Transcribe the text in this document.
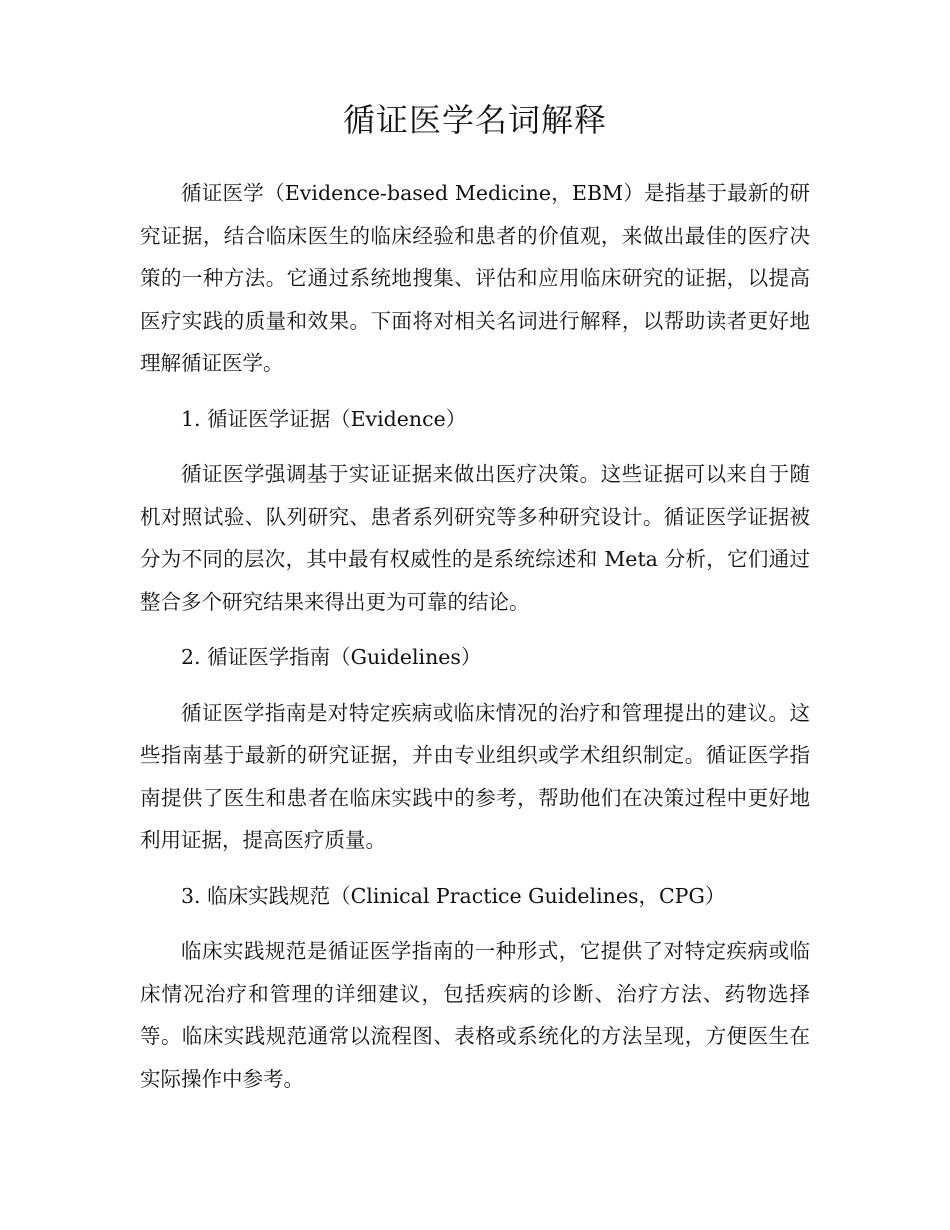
循证医学名词解释

循证医学（Evidence-based Medicine，EBM）是指基于最新的研究证据，结合临床医生的临床经验和患者的价值观，来做出最佳的医疗决策的一种方法。它通过系统地搜集、评估和应用临床研究的证据，以提高医疗实践的质量和效果。下面将对相关名词进行解释，以帮助读者更好地理解循证医学。

1. 循证医学证据（Evidence）

循证医学强调基于实证证据来做出医疗决策。这些证据可以来自于随机对照试验、队列研究、患者系列研究等多种研究设计。循证医学证据被分为不同的层次，其中最有权威性的是系统综述和 Meta 分析，它们通过整合多个研究结果来得出更为可靠的结论。

2. 循证医学指南（Guidelines）

循证医学指南是对特定疾病或临床情况的治疗和管理提出的建议。这些指南基于最新的研究证据，并由专业组织或学术组织制定。循证医学指南提供了医生和患者在临床实践中的参考，帮助他们在决策过程中更好地利用证据，提高医疗质量。

3. 临床实践规范（Clinical Practice Guidelines，CPG）

临床实践规范是循证医学指南的一种形式，它提供了对特定疾病或临床情况治疗和管理的详细建议，包括疾病的诊断、治疗方法、药物选择等。临床实践规范通常以流程图、表格或系统化的方法呈现，方便医生在实际操作中参考。
